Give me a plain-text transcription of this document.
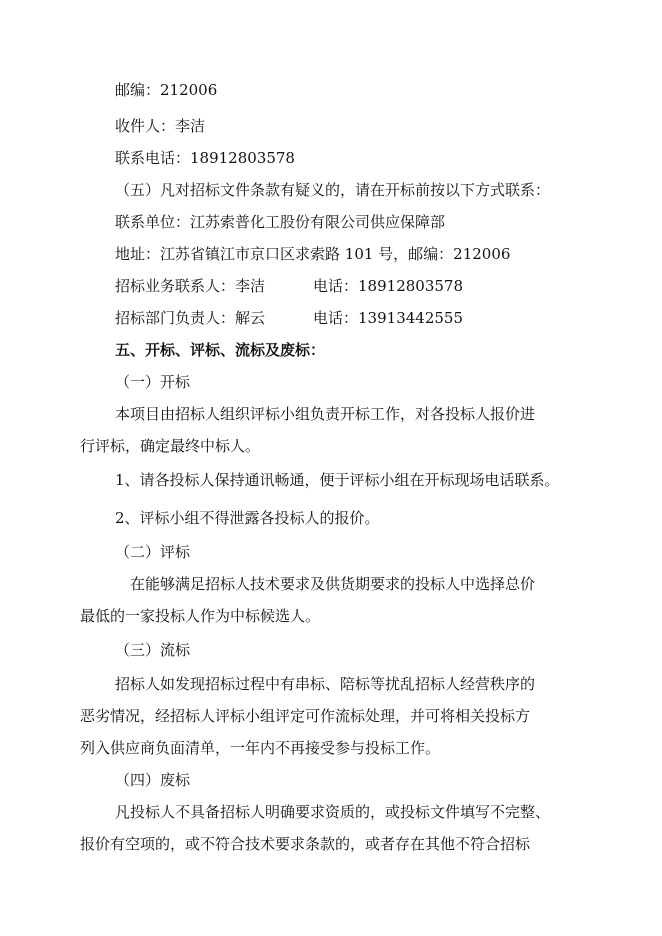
邮编：212006
收件人：李洁
联系电话：18912803578
（五）凡对招标文件条款有疑义的，请在开标前按以下方式联系：
联系单位：江苏索普化工股份有限公司供应保障部
地址：江苏省镇江市京口区求索路 101 号，邮编：212006
招标业务联系人：李洁	电话：18912803578
招标部门负责人：解云	电话：13913442555
五、开标、评标、流标及废标：
（一）开标
本项目由招标人组织评标小组负责开标工作，对各投标人报价进
行评标，确定最终中标人。
1、请各投标人保持通讯畅通，便于评标小组在开标现场电话联系。
2、评标小组不得泄露各投标人的报价。
（二）评标
在能够满足招标人技术要求及供货期要求的投标人中选择总价
最低的一家投标人作为中标候选人。
（三）流标
招标人如发现招标过程中有串标、陪标等扰乱招标人经营秩序的
恶劣情况，经招标人评标小组评定可作流标处理，并可将相关投标方
列入供应商负面清单，一年内不再接受参与投标工作。
（四）废标
凡投标人不具备招标人明确要求资质的，或投标文件填写不完整、
报价有空项的，或不符合技术要求条款的，或者存在其他不符合招标
